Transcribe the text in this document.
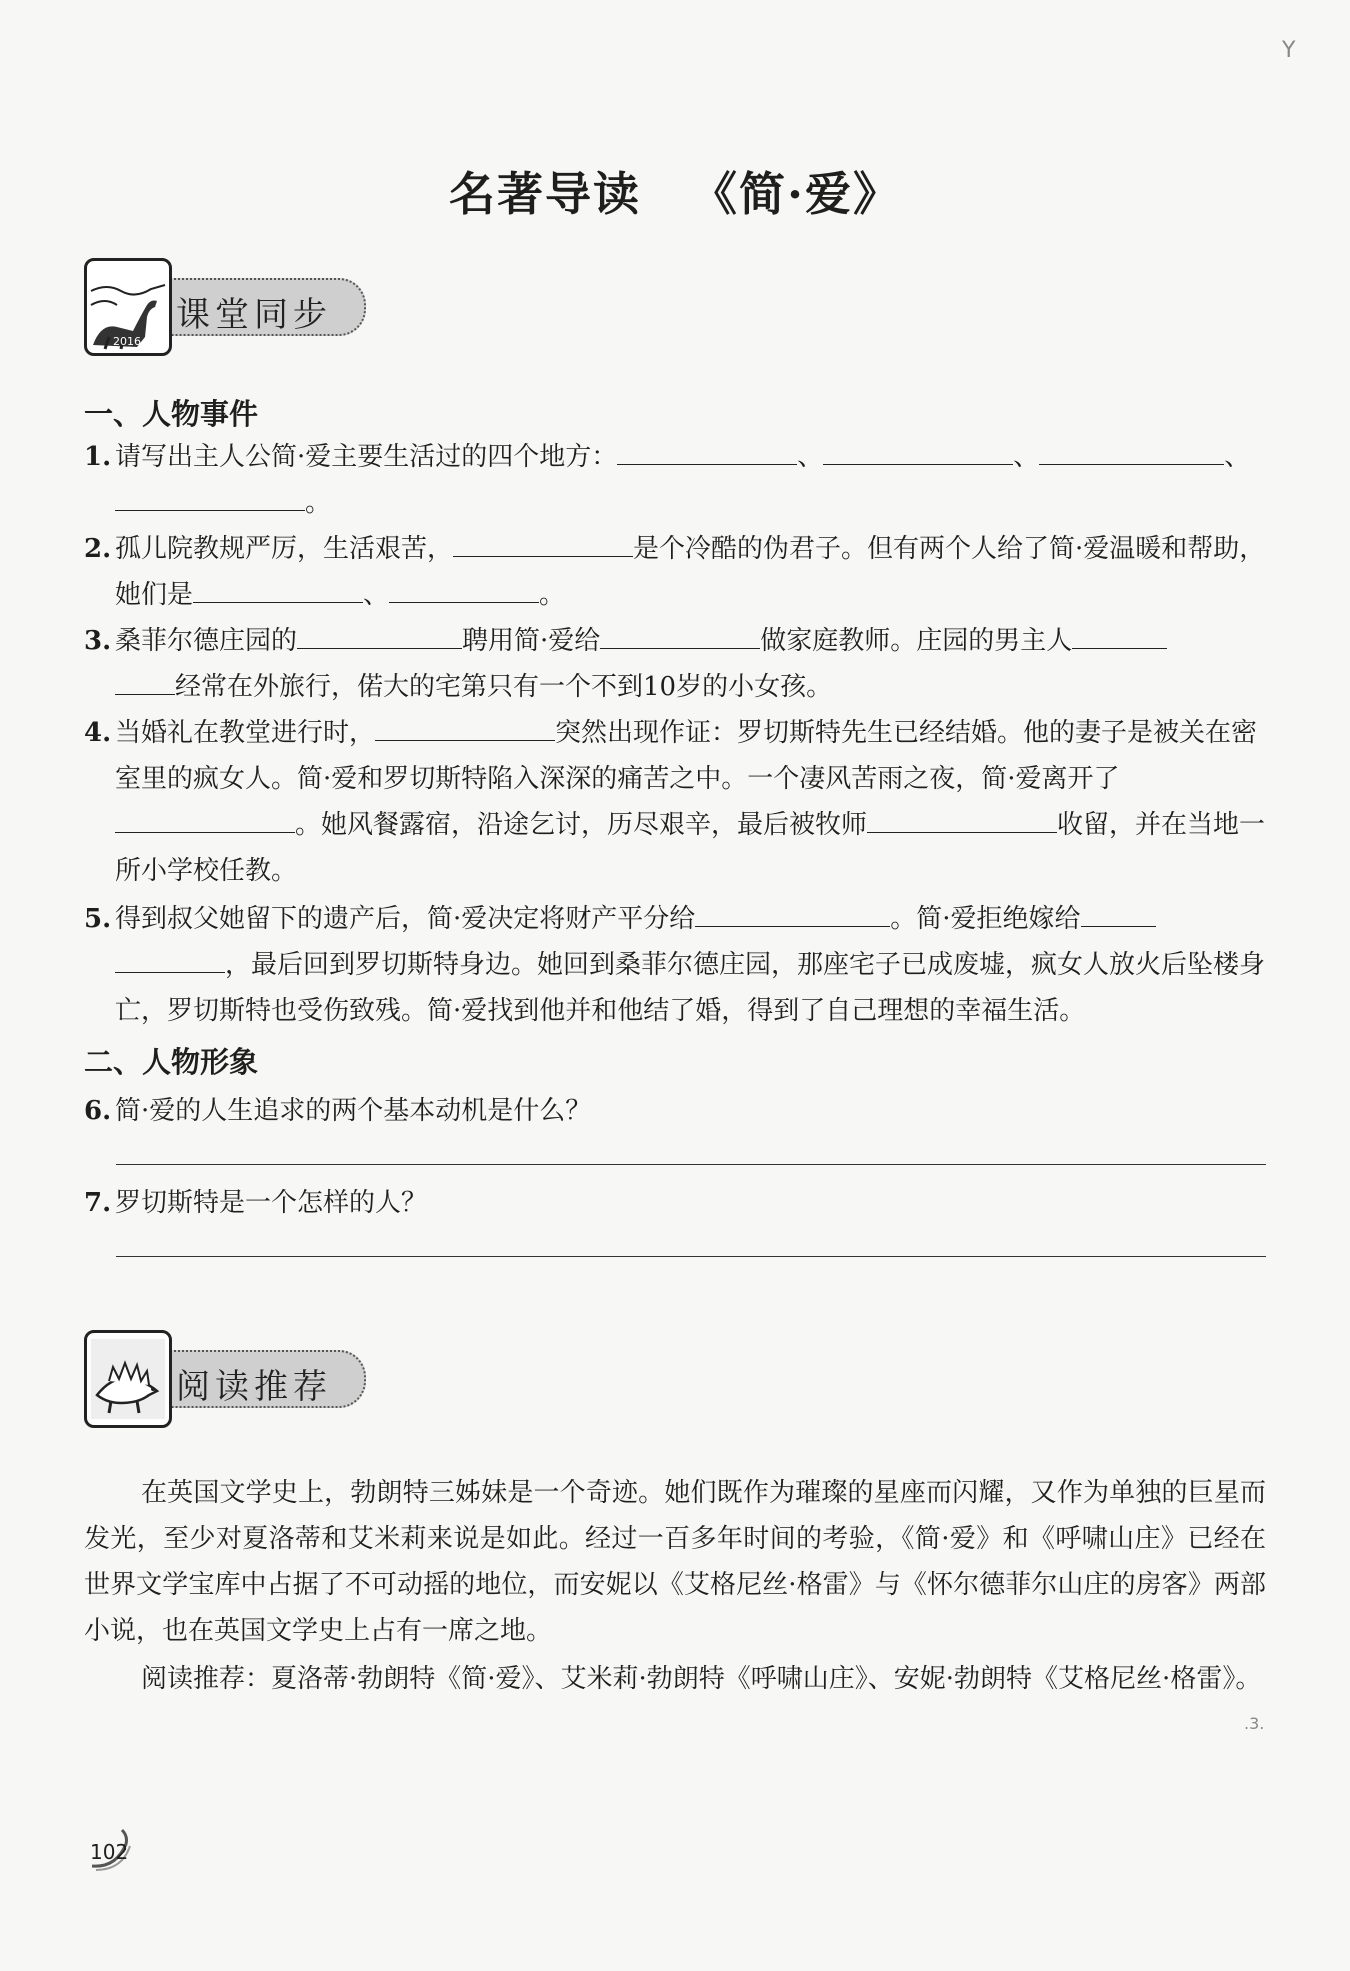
Y
名著导读 《简·爱》
课堂同步
2016
一、人物事件
1. 请写出主人公简·爱主要生活过的四个地方：	、	、	、
。
2. 孤儿院教规严厉，生活艰苦，	是个冷酷的伪君子。但有两个人给了简·爱温暖和帮助，她们是	、	。
3. 桑菲尔德庄园的	聘用简·爱给	做家庭教师。庄园的男主人
经常在外旅行，偌大的宅第只有一个不到10岁的小女孩。
4. 当婚礼在教堂进行时，	突然出现作证：罗切斯特先生已经结婚。他的妻子是被关在密室里的疯女人。简·爱和罗切斯特陷入深深的痛苦之中。一个凄风苦雨之夜，简·爱离开了。她风餐露宿，沿途乞讨，历尽艰辛，最后被牧师	收留，并在当地一所小学校任教。
5. 得到叔父她留下的遗产后，简·爱决定将财产平分给	。简·爱拒绝嫁给
，最后回到罗切斯特身边。她回到桑菲尔德庄园，那座宅子已成废墟，疯女人放火后坠楼身亡，罗切斯特也受伤致残。简·爱找到他并和他结了婚，得到了自己理想的幸福生活。
二、人物形象
6. 简·爱的人生追求的两个基本动机是什么？
7. 罗切斯特是一个怎样的人？
阅读推荐
在英国文学史上，勃朗特三姊妹是一个奇迹。她们既作为璀璨的星座而闪耀，又作为单独的巨星而发光，至少对夏洛蒂和艾米莉来说是如此。经过一百多年时间的考验，《简·爱》和《呼啸山庄》已经在世界文学宝库中占据了不可动摇的地位，而安妮以《艾格尼丝·格雷》与《怀尔德菲尔山庄的房客》两部小说，也在英国文学史上占有一席之地。
阅读推荐：夏洛蒂·勃朗特《简·爱》、艾米莉·勃朗特《呼啸山庄》、安妮·勃朗特《艾格尼丝·格雷》。
.3.
102
